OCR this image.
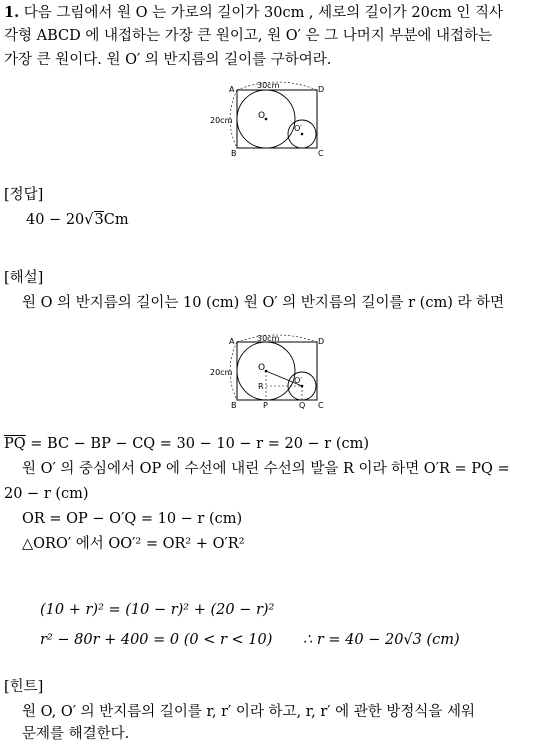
1. 다음 그림에서 원 O 는 가로의 길이가 30cm , 세로의 길이가 20cm 인 직사
각형 ABCD 에 내접하는 가장 큰 원이고, 원 O′ 은 그 나머지 부분에 내접하는
가장 큰 원이다. 원 O′ 의 반지름의 길이를 구하여라.
30cm
20cm
A	D
B	C
O
O′
[정답]
40 − 20√3Cm
[해설]
원 O 의 반지름의 길이는 10 (cm) 원 O′ 의 반지름의 길이를 r (cm) 라 하면
30cm
20cm
A	D
B	C
O
O′
R
P	Q
$\overline{PQ}$ = BC − BP − CQ = 30 − 10 − r = 20 − r (cm)
원 O′ 의 중심에서 OP 에 수선에 내린 수선의 발을 R 이라 하면 O′R = PQ =
20 − r (cm)
OR = OP − O′Q = 10 − r (cm)
△ORO′ 에서 OO′² = OR² + O′R²
(10 + r)² = (10 − r)² + (20 − r)²
r² − 80r + 400 = 0 (0 < r < 10) ∴ r = 40 − 20√3 (cm)
[힌트]
원 O, O′ 의 반지름의 길이를 r, r′ 이라 하고, r, r′ 에 관한 방정식을 세워
문제를 해결한다.
